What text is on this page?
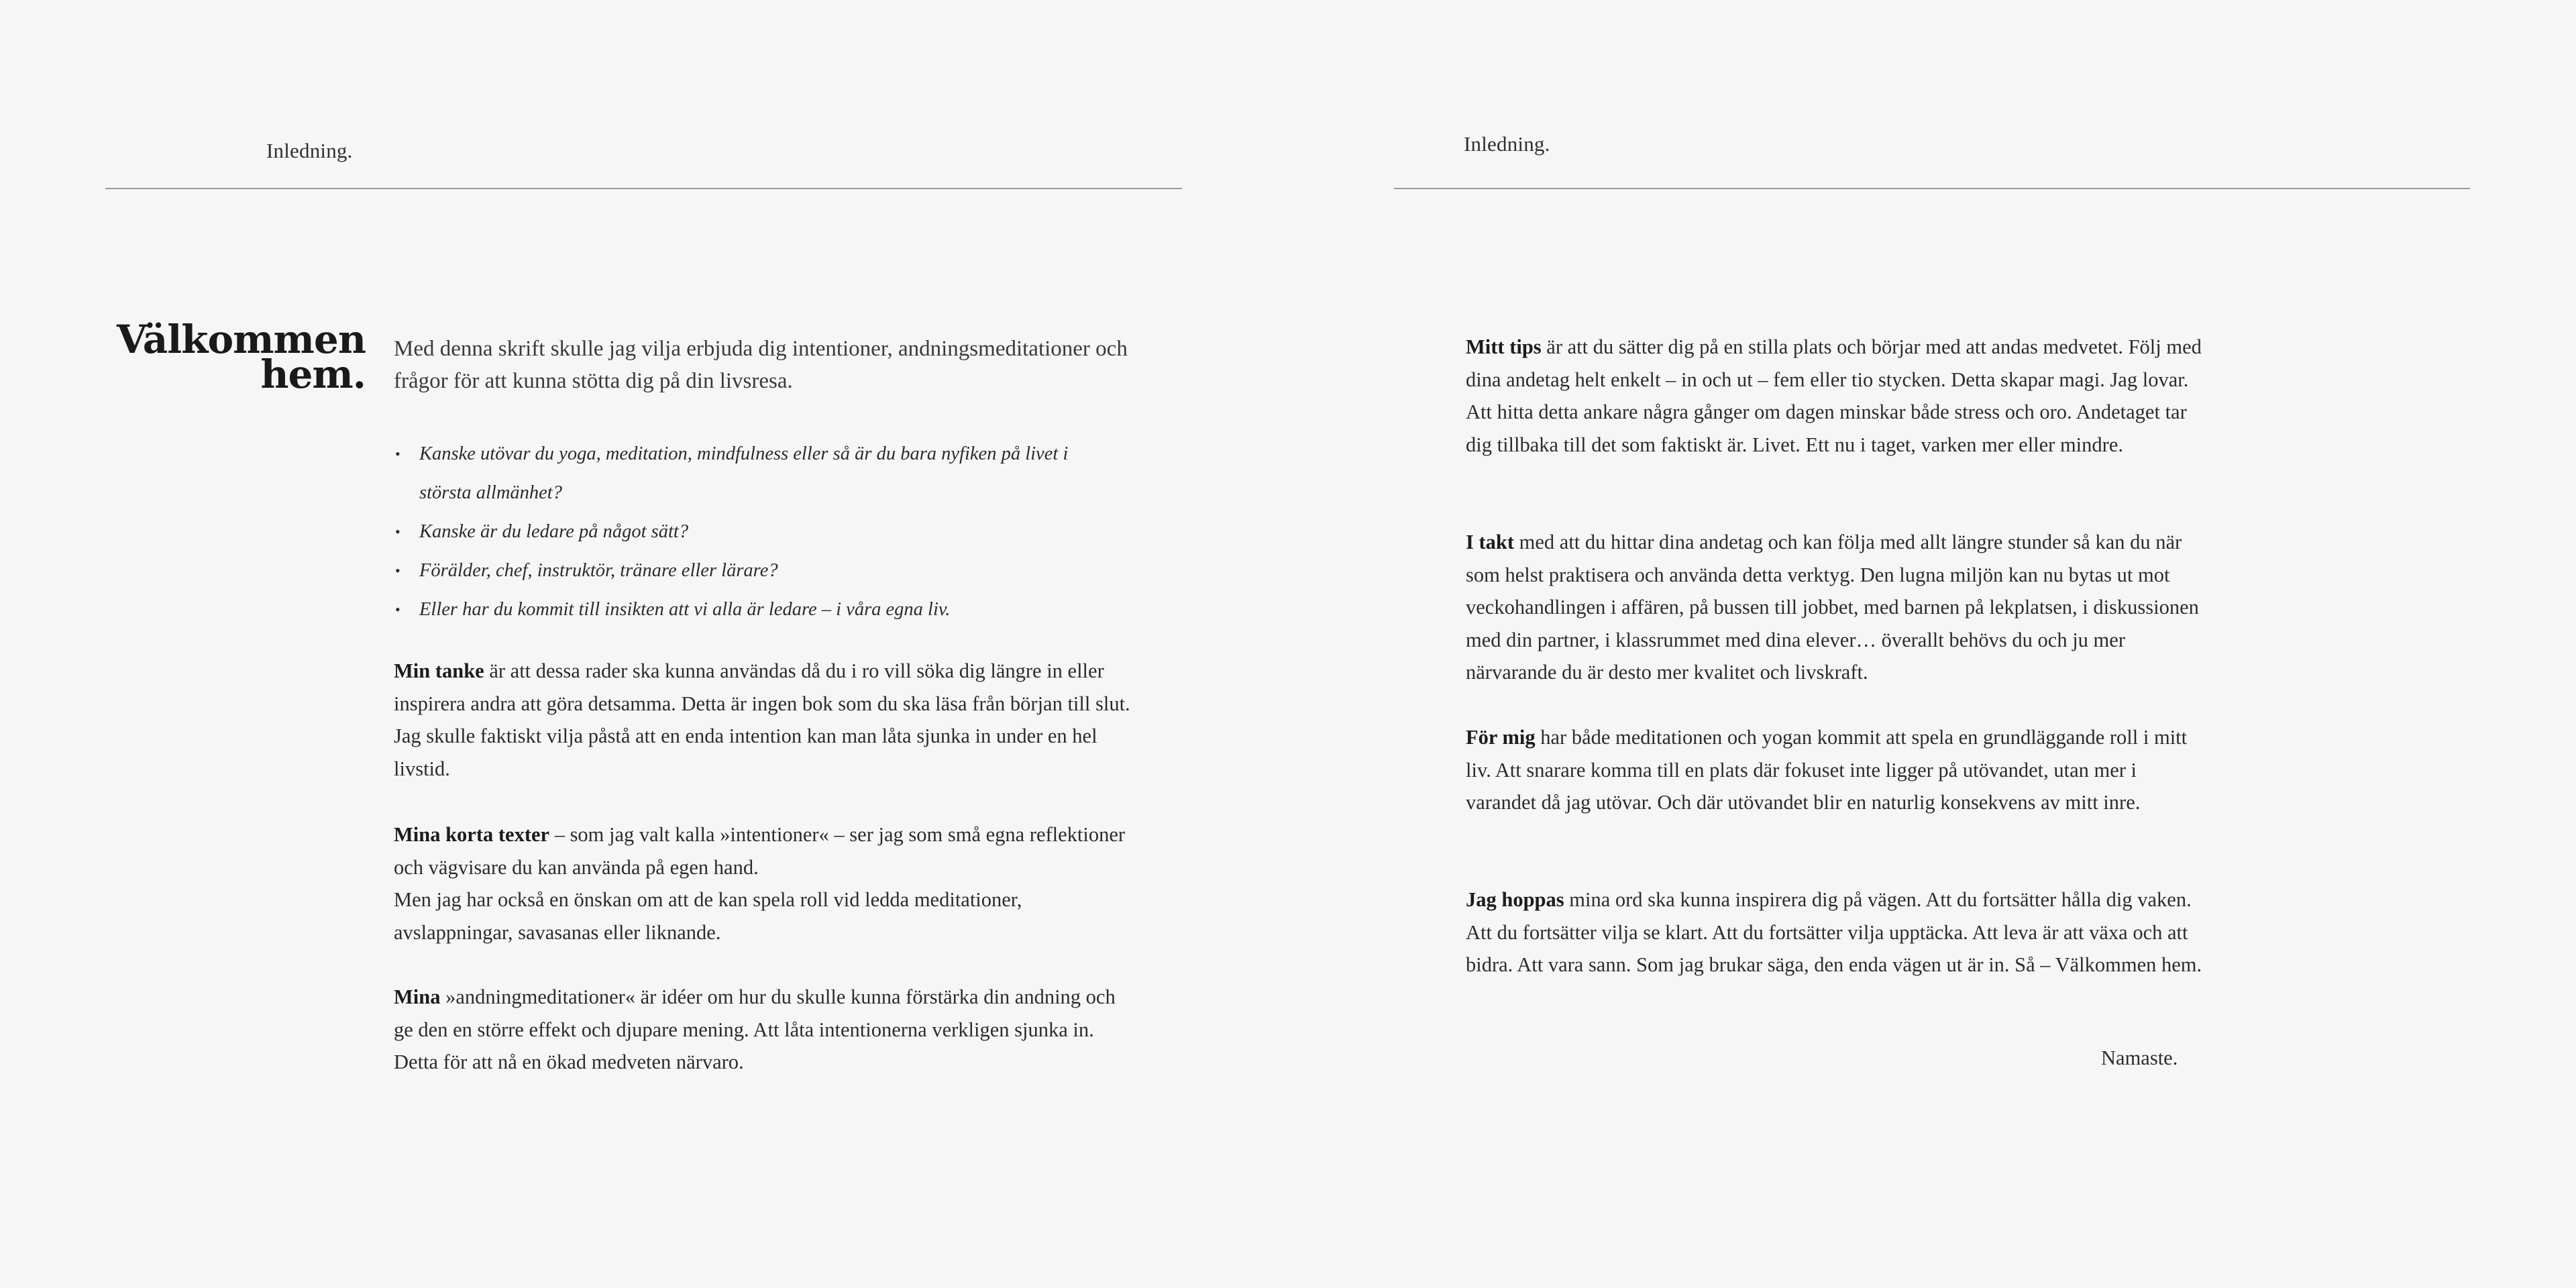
Inledning.
Välkommen
hem.
Med denna skrift skulle jag vilja erbjuda dig intentioner, andningsmeditationer och frågor för att kunna stötta dig på din livsresa.
• Kanske utövar du yoga, meditation, mindfulness eller så är du bara nyfiken på livet i största allmänhet?
• Kanske är du ledare på något sätt?
• Förälder, chef, instruktör, tränare eller lärare?
• Eller har du kommit till insikten att vi alla är ledare – i våra egna liv.

Min tanke är att dessa rader ska kunna användas då du i ro vill söka dig längre in eller inspirera andra att göra detsamma. Detta är ingen bok som du ska läsa från början till slut. Jag skulle faktiskt vilja påstå att en enda intention kan man låta sjunka in under en hel livstid.

Mina korta texter – som jag valt kalla »intentioner« – ser jag som små egna reflektioner och vägvisare du kan använda på egen hand.

Men jag har också en önskan om att de kan spela roll vid ledda meditationer, avslappningar, savasanas eller liknande.

Mina »andningmeditationer« är idéer om hur du skulle kunna förstärka din andning och ge den en större effekt och djupare mening. Att låta intentionerna verkligen sjunka in. Detta för att nå en ökad medveten närvaro.

Inledning.

Mitt tips är att du sätter dig på en stilla plats och börjar med att andas medvetet. Följ med dina andetag helt enkelt – in och ut – fem eller tio stycken. Detta skapar magi. Jag lovar. Att hitta detta ankare några gånger om dagen minskar både stress och oro. Andetaget tar dig tillbaka till det som faktiskt är. Livet. Ett nu i taget, varken mer eller mindre.

I takt med att du hittar dina andetag och kan följa med allt längre stunder så kan du när som helst praktisera och använda detta verktyg. Den lugna miljön kan nu bytas ut mot veckohandlingen i affären, på bussen till jobbet, med barnen på lekplatsen, i diskussionen med din partner, i klassrummet med dina elever… överallt behövs du och ju mer närvarande du är desto mer kvalitet och livskraft.

För mig har både meditationen och yogan kommit att spela en grundläggande roll i mitt liv. Att snarare komma till en plats där fokuset inte ligger på utövandet, utan mer i varandet då jag utövar. Och där utövandet blir en naturlig konsekvens av mitt inre.

Jag hoppas mina ord ska kunna inspirera dig på vägen. Att du fortsätter hålla dig vaken. Att du fortsätter vilja se klart. Att du fortsätter vilja upptäcka. Att leva är att växa och att bidra. Att vara sann. Som jag brukar säga, den enda vägen ut är in. Så – Välkommen hem.

Namaste.
